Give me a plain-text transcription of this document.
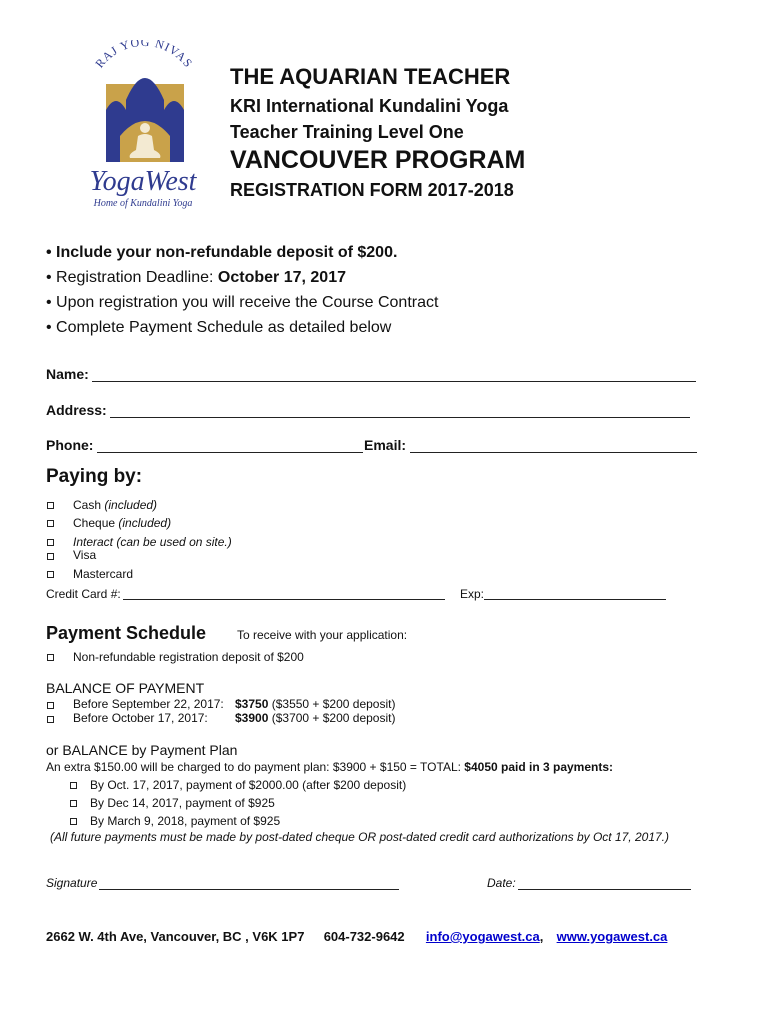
RAJ YOG NIVAS
YogaWest
Home of Kundalini Yoga
THE AQUARIAN TEACHER
KRI International Kundalini Yoga
Teacher Training Level One
VANCOUVER PROGRAM
REGISTRATION FORM 2017-2018
• Include your non-refundable deposit of $200.
• Registration Deadline: October 17, 2017
• Upon registration you will receive the Course Contract
• Complete Payment Schedule as detailed below
Name:
Address:
Phone:	Email:
Paying by:
Cash (included)
Cheque (included)
Interact (can be used on site.)
Visa
Mastercard
Credit Card #:	Exp:
Payment Schedule	To receive with your application:
Non-refundable registration deposit of $200
BALANCE OF PAYMENT
Before September 22, 2017: $3750 ($3550 + $200 deposit)
Before October 17, 2017: $3900 ($3700 + $200 deposit)
or BALANCE by Payment Plan
An extra $150.00 will be charged to do payment plan: $3900 + $150 = TOTAL: $4050 paid in 3 payments:
By Oct. 17, 2017, payment of $2000.00 (after $200 deposit)
By Dec 14, 2017, payment of $925
By March 9, 2018, payment of $925
(All future payments must be made by post-dated cheque OR post-dated credit card authorizations by Oct 17, 2017.)
Signature	Date:
2662 W. 4th Ave, Vancouver, BC , V6K 1P7 604-732-9642 info@yogawest.ca, www.yogawest.ca
